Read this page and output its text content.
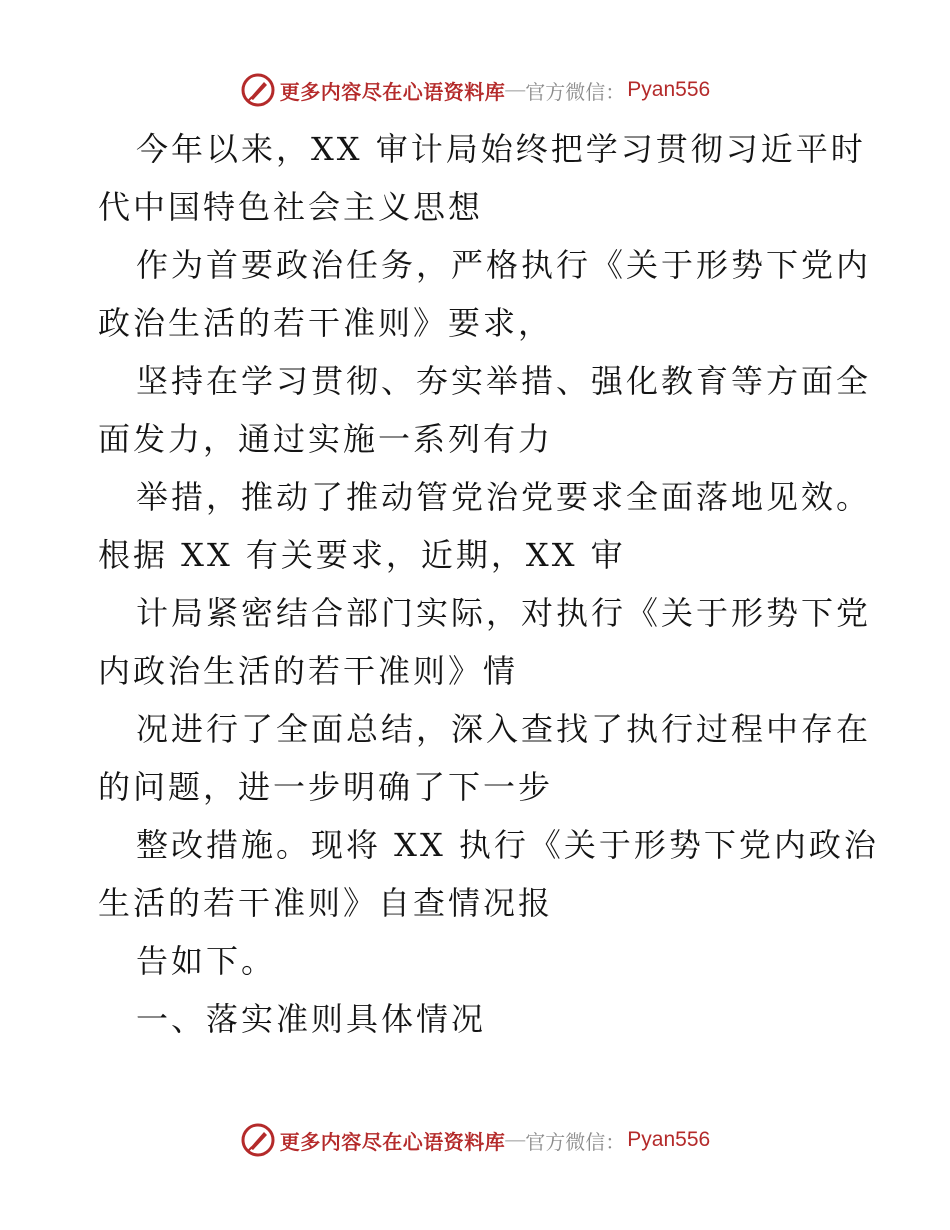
更多内容尽在心语资料库 — 官方微信： Pyan556
今年以来，XX 审计局始终把学习贯彻习近平时
代中国特色社会主义思想
作为首要政治任务，严格执行《关于形势下党内
政治生活的若干准则》要求，
坚持在学习贯彻、夯实举措、强化教育等方面全
面发力，通过实施一系列有力
举措，推动了推动管党治党要求全面落地见效。
根据 XX 有关要求，近期，XX 审
计局紧密结合部门实际，对执行《关于形势下党
内政治生活的若干准则》情
况进行了全面总结，深入查找了执行过程中存在
的问题，进一步明确了下一步
整改措施。现将 XX 执行《关于形势下党内政治
生活的若干准则》自查情况报
告如下。
一、落实准则具体情况
更多内容尽在心语资料库 — 官方微信： Pyan556
